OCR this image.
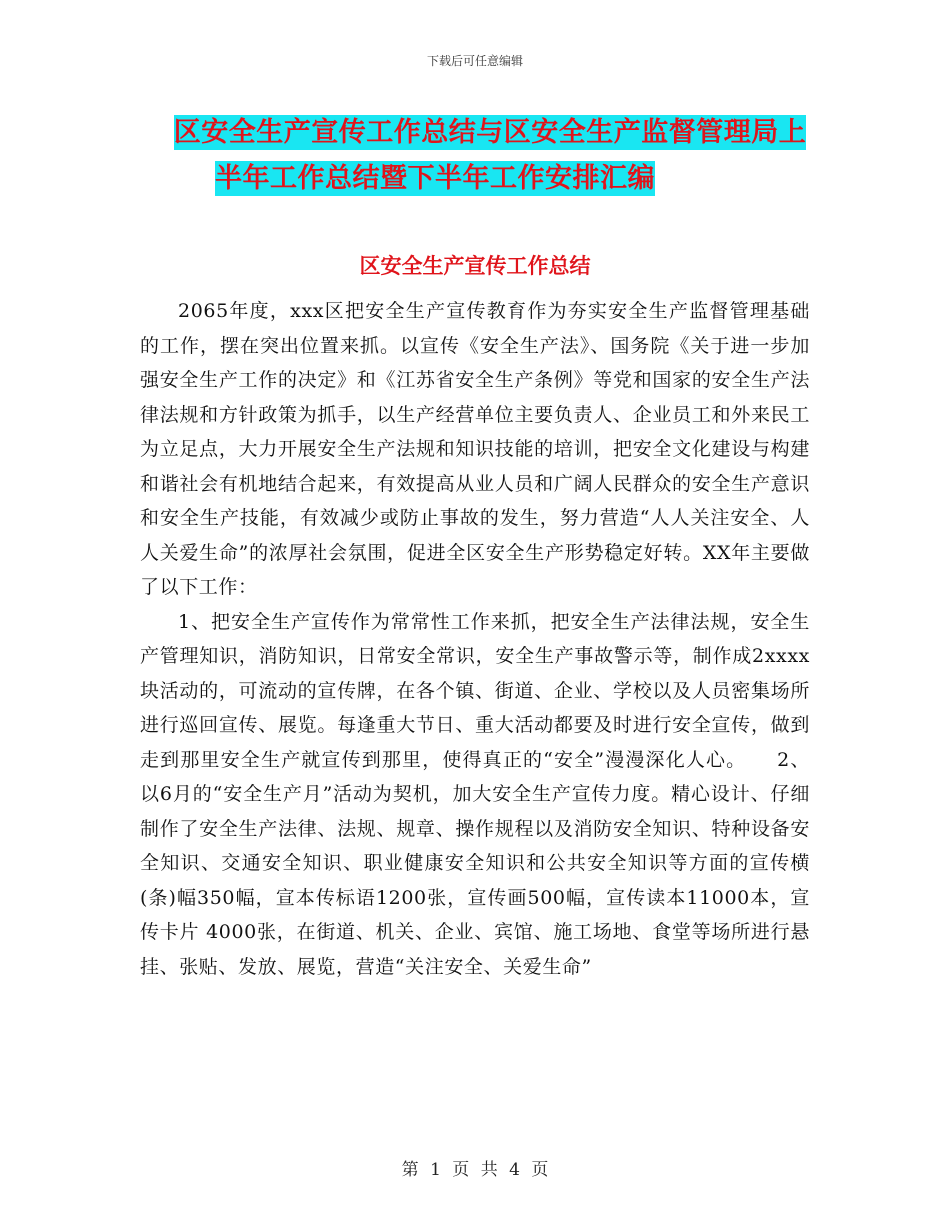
下载后可任意编辑
区安全生产宣传工作总结与区安全生产监督管理局上
半年工作总结暨下半年工作安排汇编
区安全生产宣传工作总结

2065年度，xxx区把安全生产宣传教育作为夯实安全生产监督管理基础的工作，摆在突出位置来抓。以宣传《安全生产法》、国务院《关于进一步加强安全生产工作的决定》和《江苏省安全生产条例》等党和国家的安全生产法律法规和方针政策为抓手，以生产经营单位主要负责人、企业员工和外来民工为立足点，大力开展安全生产法规和知识技能的培训，把安全文化建设与构建和谐社会有机地结合起来，有效提高从业人员和广阔人民群众的安全生产意识和安全生产技能，有效减少或防止事故的发生，努力营造“人人关注安全、人人关爱生命”的浓厚社会氛围，促进全区安全生产形势稳定好转。XX年主要做了以下工作：

1、把安全生产宣传作为常常性工作来抓，把安全生产法律法规，安全生产管理知识，消防知识，日常安全常识，安全生产事故警示等，制作成2xxxx块活动的，可流动的宣传牌，在各个镇、街道、企业、学校以及人员密集场所进行巡回宣传、展览。每逢重大节日、重大活动都要及时进行安全宣传，做到走到那里安全生产就宣传到那里，使得真正的“安全”漫漫深化人心。　　2、以6月的“安全生产月”活动为契机，加大安全生产宣传力度。精心设计、仔细制作了安全生产法律、法规、规章、操作规程以及消防安全知识、特种设备安全知识、交通安全知识、职业健康安全知识和公共安全知识等方面的宣传横(条)幅350幅，宣本传标语1200张，宣传画500幅，宣传读本11000本，宣传卡片 4000张，在街道、机关、企业、宾馆、施工场地、食堂等场所进行悬挂、张贴、发放、展览，营造“关注安全、关爱生命”

第 1 页 共 4 页
